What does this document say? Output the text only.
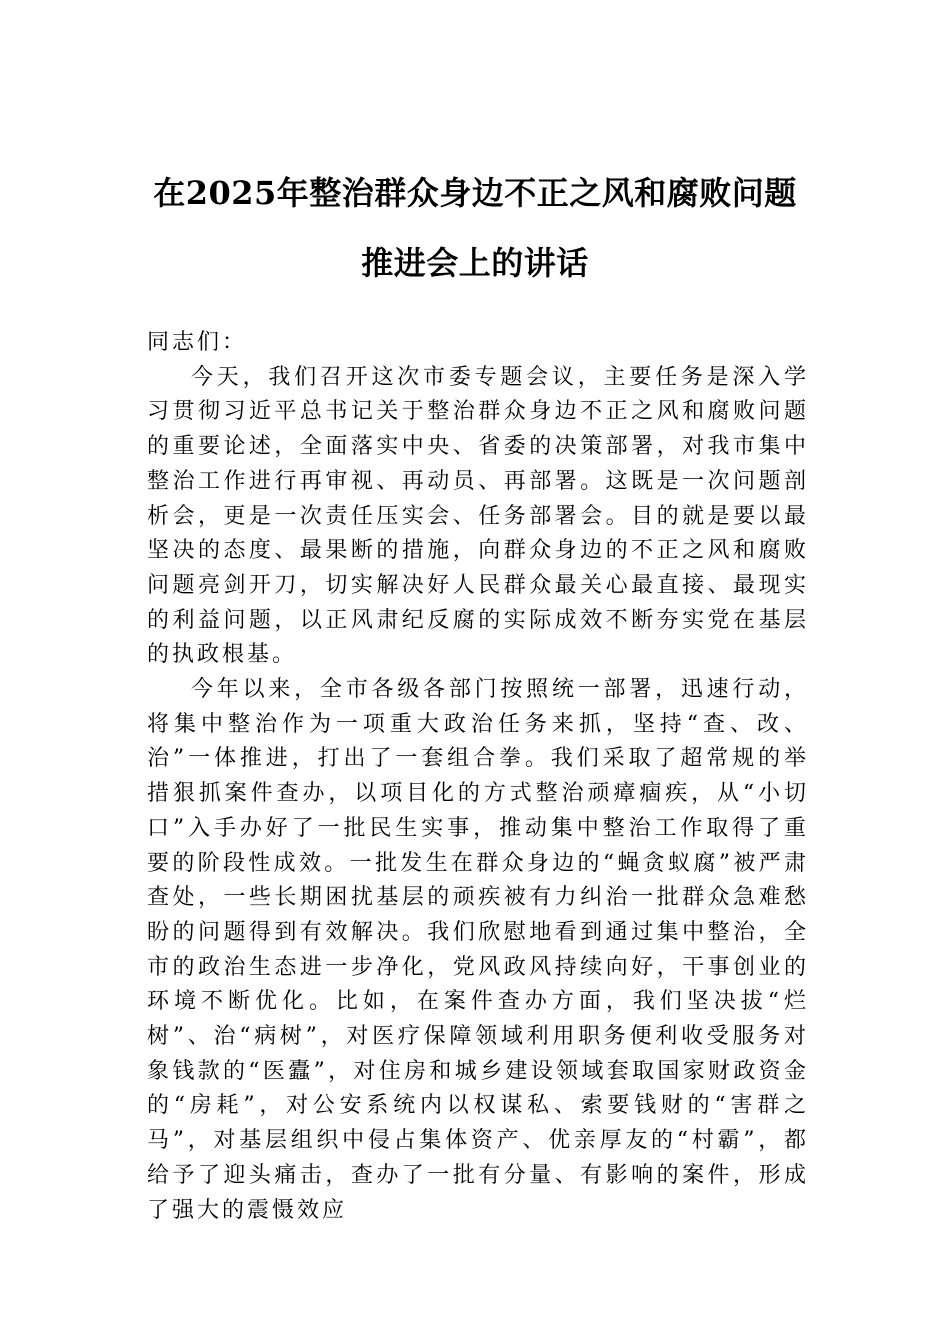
在2025年整治群众身边不正之风和腐败问题推进会上的讲话

同志们：

今天，我们召开这次市委专题会议，主要任务是深入学习贯彻习近平总书记关于整治群众身边不正之风和腐败问题的重要论述，全面落实中央、省委的决策部署，对我市集中整治工作进行再审视、再动员、再部署。这既是一次问题剖析会，更是一次责任压实会、任务部署会。目的就是要以最坚决的态度、最果断的措施，向群众身边的不正之风和腐败问题亮剑开刀，切实解决好人民群众最关心最直接、最现实的利益问题，以正风肃纪反腐的实际成效不断夯实党在基层的执政根基。

今年以来，全市各级各部门按照统一部署，迅速行动，将集中整治作为一项重大政治任务来抓，坚持“查、改、治”一体推进，打出了一套组合拳。我们采取了超常规的举措狠抓案件查办，以项目化的方式整治顽瘴痼疾，从“小切口”入手办好了一批民生实事，推动集中整治工作取得了重要的阶段性成效。一批发生在群众身边的“蝇贪蚁腐”被严肃查处，一些长期困扰基层的顽疾被有力纠治一批群众急难愁盼的问题得到有效解决。我们欣慰地看到通过集中整治，全市的政治生态进一步净化，党风政风持续向好，干事创业的环境不断优化。比如，在案件查办方面，我们坚决拔“烂树”、治“病树”，对医疗保障领域利用职务便利收受服务对象钱款的“医蠹”，对住房和城乡建设领域套取国家财政资金的“房耗”，对公安系统内以权谋私、索要钱财的“害群之马”，对基层组织中侵占集体资产、优亲厚友的“村霸”，都给予了迎头痛击，查办了一批有分量、有影响的案件，形成了强大的震慑效应
